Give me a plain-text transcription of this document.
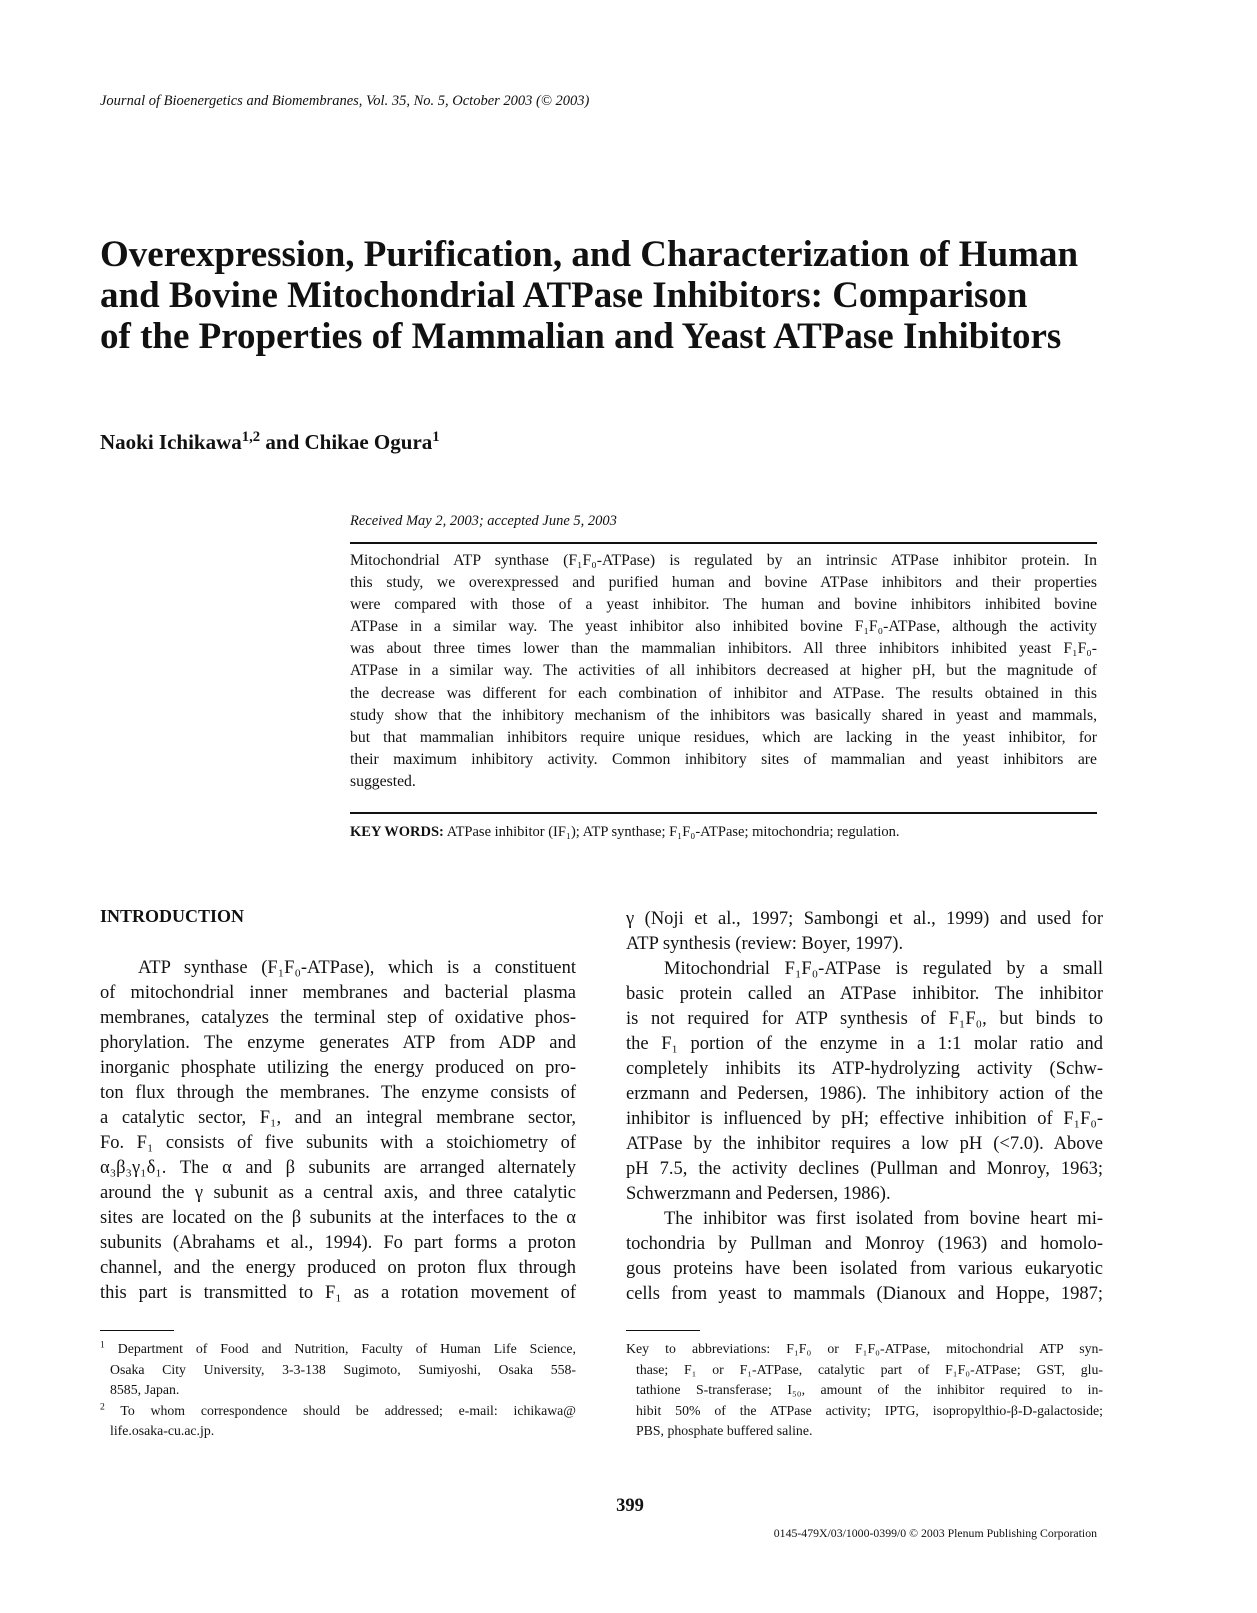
Journal of Bioenergetics and Biomembranes, Vol. 35, No. 5, October 2003 (© 2003)
Overexpression, Purification, and Characterization of Human
and Bovine Mitochondrial ATPase Inhibitors: Comparison
of the Properties of Mammalian and Yeast ATPase Inhibitors
Naoki Ichikawa$^{1,2}$ and Chikae Ogura$^1$
Received May 2, 2003; accepted June 5, 2003
Mitochondrial ATP synthase (F₁F₀-ATPase) is regulated by an intrinsic ATPase inhibitor protein. In
this study, we overexpressed and purified human and bovine ATPase inhibitors and their properties
were compared with those of a yeast inhibitor. The human and bovine inhibitors inhibited bovine
ATPase in a similar way. The yeast inhibitor also inhibited bovine F₁F₀-ATPase, although the activity
was about three times lower than the mammalian inhibitors. All three inhibitors inhibited yeast F₁F₀-
ATPase in a similar way. The activities of all inhibitors decreased at higher pH, but the magnitude of
the decrease was different for each combination of inhibitor and ATPase. The results obtained in this
study show that the inhibitory mechanism of the inhibitors was basically shared in yeast and mammals,
but that mammalian inhibitors require unique residues, which are lacking in the yeast inhibitor, for
their maximum inhibitory activity. Common inhibitory sites of mammalian and yeast inhibitors are
suggested.
KEY WORDS: ATPase inhibitor (IF₁); ATP synthase; F₁F₀-ATPase; mitochondria; regulation.
INTRODUCTION
ATP synthase (F₁F₀-ATPase), which is a constituent
of mitochondrial inner membranes and bacterial plasma
membranes, catalyzes the terminal step of oxidative phos-
phorylation. The enzyme generates ATP from ADP and
inorganic phosphate utilizing the energy produced on pro-
ton flux through the membranes. The enzyme consists of
a catalytic sector, F₁, and an integral membrane sector,
Fo. F₁ consists of five subunits with a stoichiometry of
α₃β₃γ₁δ₁. The α and β subunits are arranged alternately
around the γ subunit as a central axis, and three catalytic
sites are located on the β subunits at the interfaces to the α
subunits (Abrahams et al., 1994). Fo part forms a proton
channel, and the energy produced on proton flux through
this part is transmitted to F₁ as a rotation movement of
γ (Noji et al., 1997; Sambongi et al., 1999) and used for
ATP synthesis (review: Boyer, 1997).
Mitochondrial F₁F₀-ATPase is regulated by a small
basic protein called an ATPase inhibitor. The inhibitor
is not required for ATP synthesis of F₁F₀, but binds to
the F₁ portion of the enzyme in a 1:1 molar ratio and
completely inhibits its ATP-hydrolyzing activity (Schw-
erzmann and Pedersen, 1986). The inhibitory action of the
inhibitor is influenced by pH; effective inhibition of F₁F₀-
ATPase by the inhibitor requires a low pH (<7.0). Above
pH 7.5, the activity declines (Pullman and Monroy, 1963;
Schwerzmann and Pedersen, 1986).
The inhibitor was first isolated from bovine heart mi-
tochondria by Pullman and Monroy (1963) and homolo-
gous proteins have been isolated from various eukaryotic
cells from yeast to mammals (Dianoux and Hoppe, 1987;
$^1$ Department of Food and Nutrition, Faculty of Human Life Science,
Osaka City University, 3-3-138 Sugimoto, Sumiyoshi, Osaka 558-
8585, Japan.
$^2$ To whom correspondence should be addressed; e-mail: ichikawa@
life.osaka-cu.ac.jp.
Key to abbreviations: F₁F₀ or F₁F₀-ATPase, mitochondrial ATP syn-
thase; F₁ or F₁-ATPase, catalytic part of F₁F₀-ATPase; GST, glu-
tathione S-transferase; I₅₀, amount of the inhibitor required to in-
hibit 50% of the ATPase activity; IPTG, isopropylthio-β-D-galactoside;
PBS, phosphate buffered saline.
399
0145-479X/03/1000-0399/0 © 2003 Plenum Publishing Corporation
